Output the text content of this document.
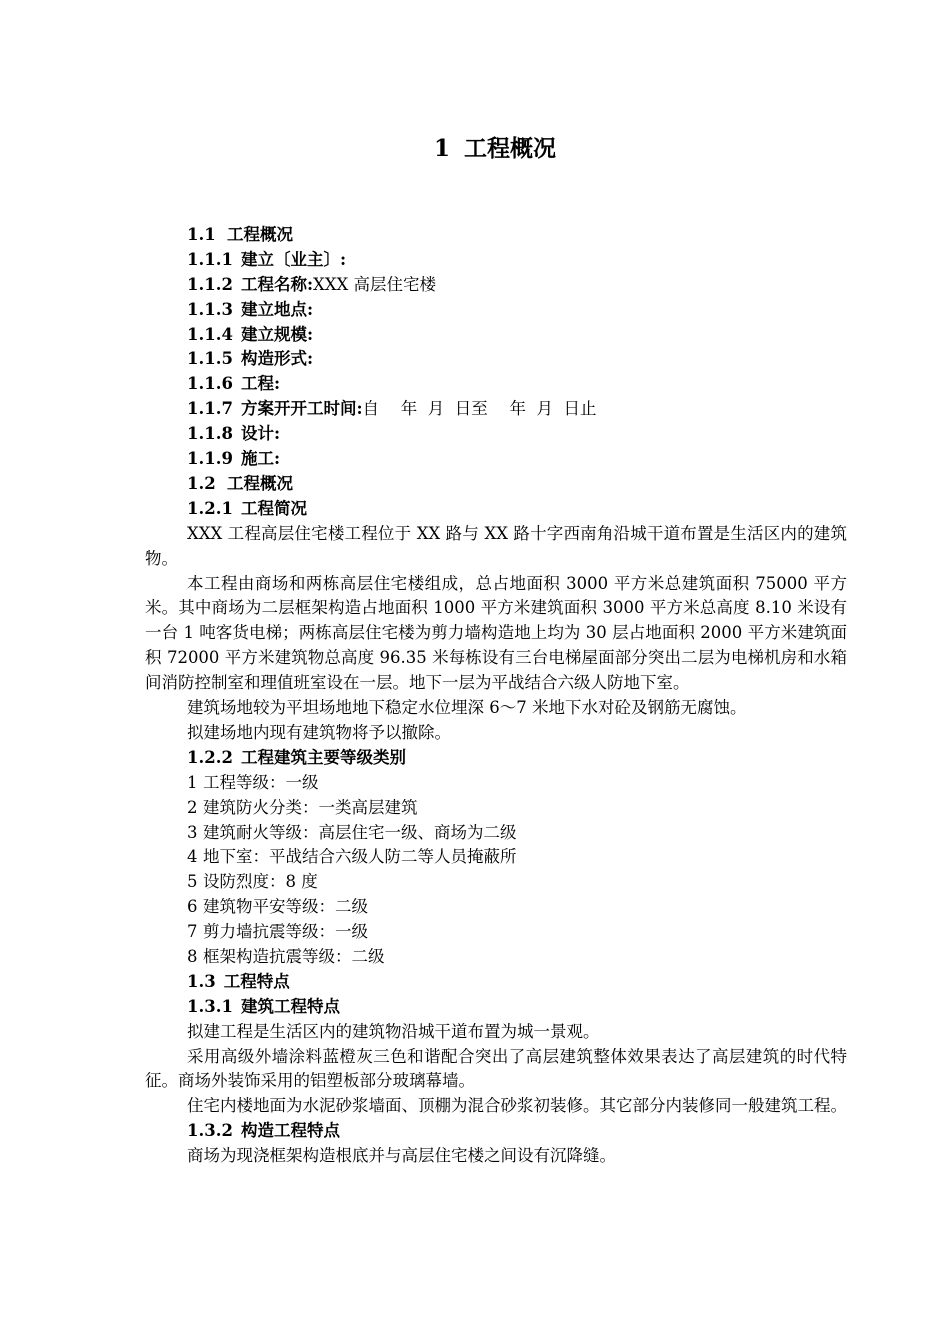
1 工程概况
1.1 工程概况
1.1.1 建立〔业主〕:
1.1.2 工程名称:XXX 高层住宅楼
1.1.3 建立地点:
1.1.4 建立规模:
1.1.5 构造形式:
1.1.6 工程:
1.1.7 方案开开工时间:自　 年  月  日至　 年  月  日止
1.1.8 设计:
1.1.9 施工:
1.2 工程概况
1.2.1 工程简况
XXX 工程高层住宅楼工程位于 XX 路与 XX 路十字西南角沿城干道布置是生活区内的建筑物。
本工程由商场和两栋高层住宅楼组成，总占地面积 3000 平方米总建筑面积 75000 平方米。其中商场为二层框架构造占地面积 1000 平方米建筑面积 3000 平方米总高度 8.10 米设有一台 1 吨客货电梯；两栋高层住宅楼为剪力墙构造地上均为 30 层占地面积 2000 平方米建筑面积 72000 平方米建筑物总高度 96.35 米每栋设有三台电梯屋面部分突出二层为电梯机房和水箱间消防控制室和理值班室设在一层。地下一层为平战结合六级人防地下室。
建筑场地较为平坦场地地下稳定水位埋深 6～7 米地下水对砼及钢筋无腐蚀。
拟建场地内现有建筑物将予以撤除。
1.2.2 工程建筑主要等级类别
1 工程等级：一级
2 建筑防火分类：一类高层建筑
3 建筑耐火等级：高层住宅一级、商场为二级
4 地下室：平战结合六级人防二等人员掩蔽所
5 设防烈度：8 度
6 建筑物平安等级：二级
7 剪力墙抗震等级：一级
8 框架构造抗震等级：二级
1.3 工程特点
1.3.1 建筑工程特点
拟建工程是生活区内的建筑物沿城干道布置为城一景观。
采用高级外墙涂料蓝橙灰三色和谐配合突出了高层建筑整体效果表达了高层建筑的时代特征。商场外装饰采用的铝塑板部分玻璃幕墙。
住宅内楼地面为水泥砂浆墙面、顶棚为混合砂浆初装修。其它部分内装修同一般建筑工程。
1.3.2 构造工程特点
商场为现浇框架构造根底并与高层住宅楼之间设有沉降缝。
